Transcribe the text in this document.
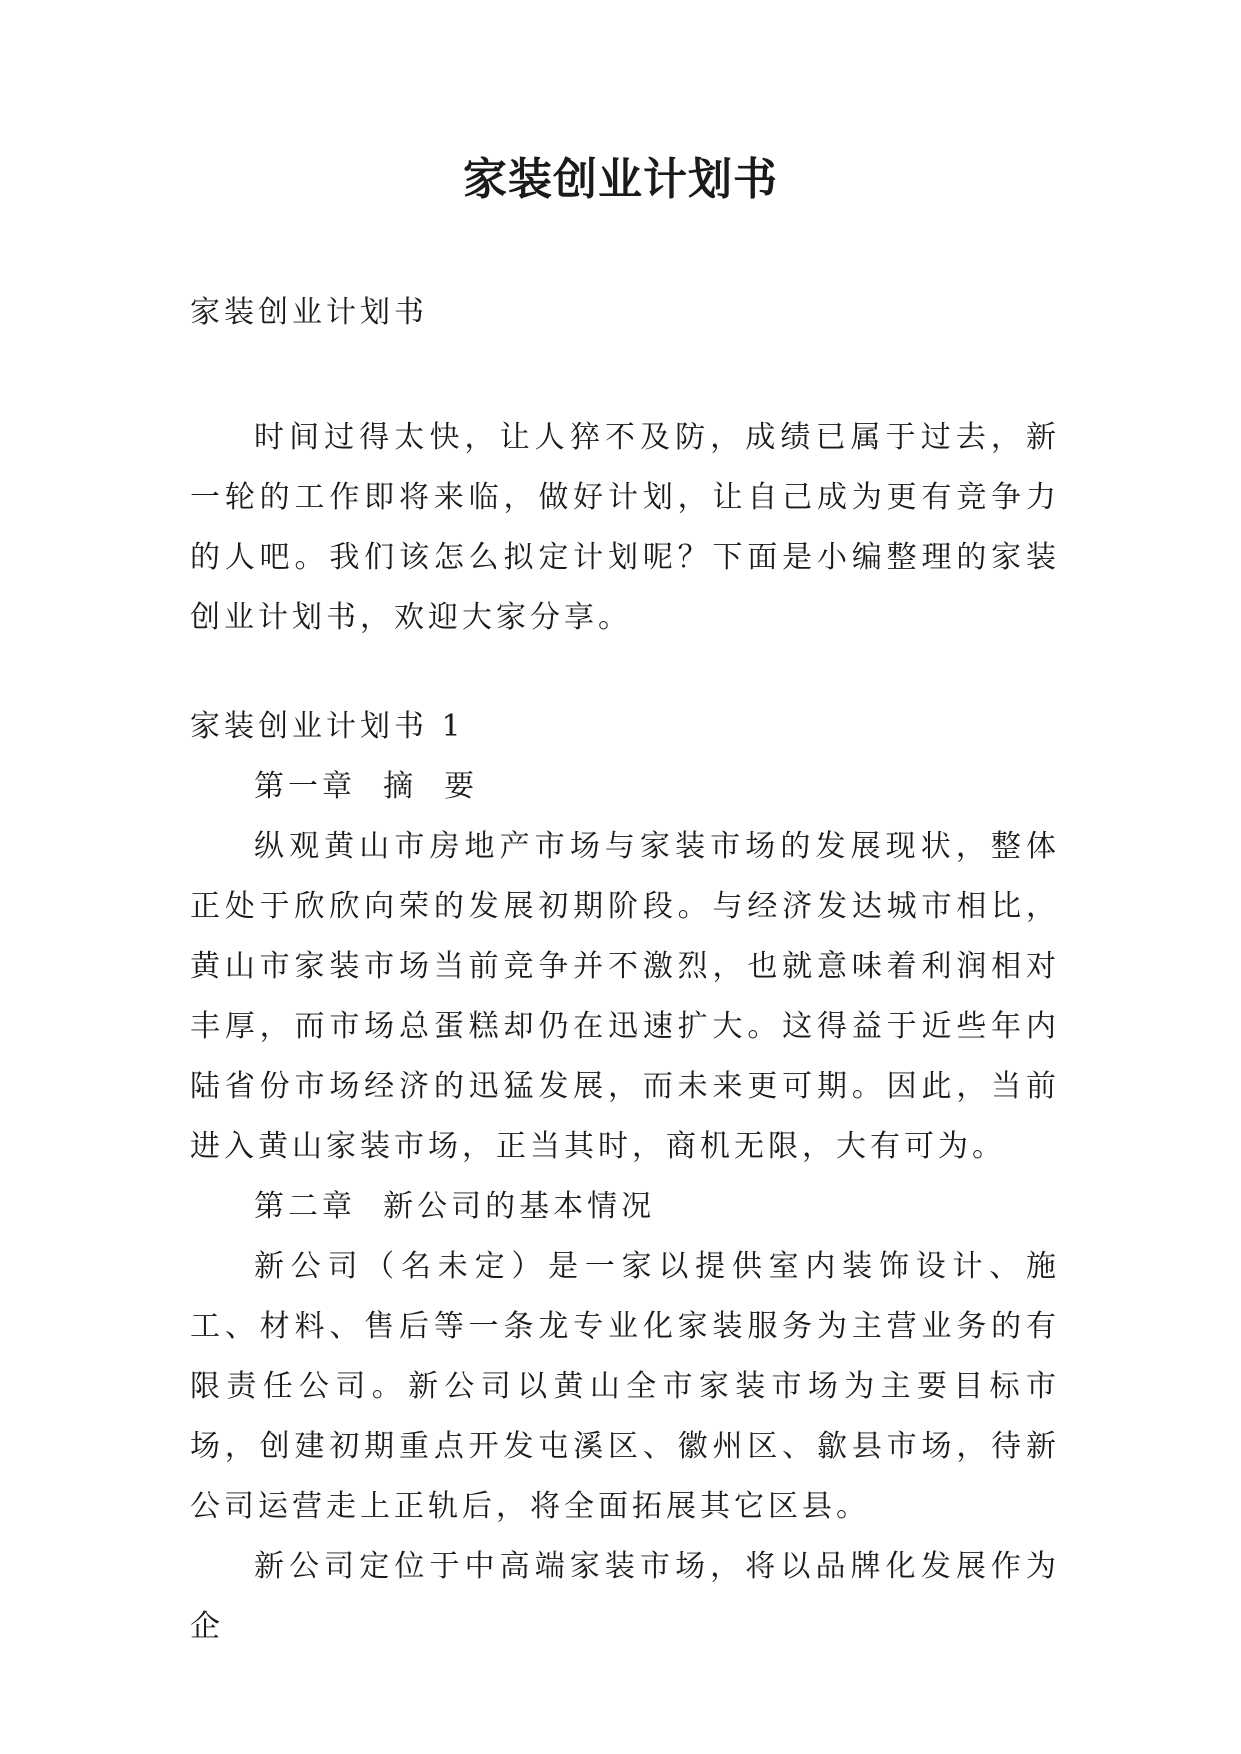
家装创业计划书
家装创业计划书

时间过得太快，让人猝不及防，成绩已属于过去，新一轮的工作即将来临，做好计划，让自己成为更有竞争力的人吧。我们该怎么拟定计划呢？下面是小编整理的家装创业计划书，欢迎大家分享。

家装创业计划书 1
第一章  摘  要

纵观黄山市房地产市场与家装市场的发展现状，整体正处于欣欣向荣的发展初期阶段。与经济发达城市相比，黄山市家装市场当前竞争并不激烈，也就意味着利润相对丰厚，而市场总蛋糕却仍在迅速扩大。这得益于近些年内陆省份市场经济的迅猛发展，而未来更可期。因此，当前进入黄山家装市场，正当其时，商机无限，大有可为。

第二章  新公司的基本情况

新公司（名未定）是一家以提供室内装饰设计、施工、材料、售后等一条龙专业化家装服务为主营业务的有限责任公司。新公司以黄山全市家装市场为主要目标市场，创建初期重点开发屯溪区、徽州区、歙县市场，待新公司运营走上正轨后，将全面拓展其它区县。

新公司定位于中高端家装市场，将以品牌化发展作为企
